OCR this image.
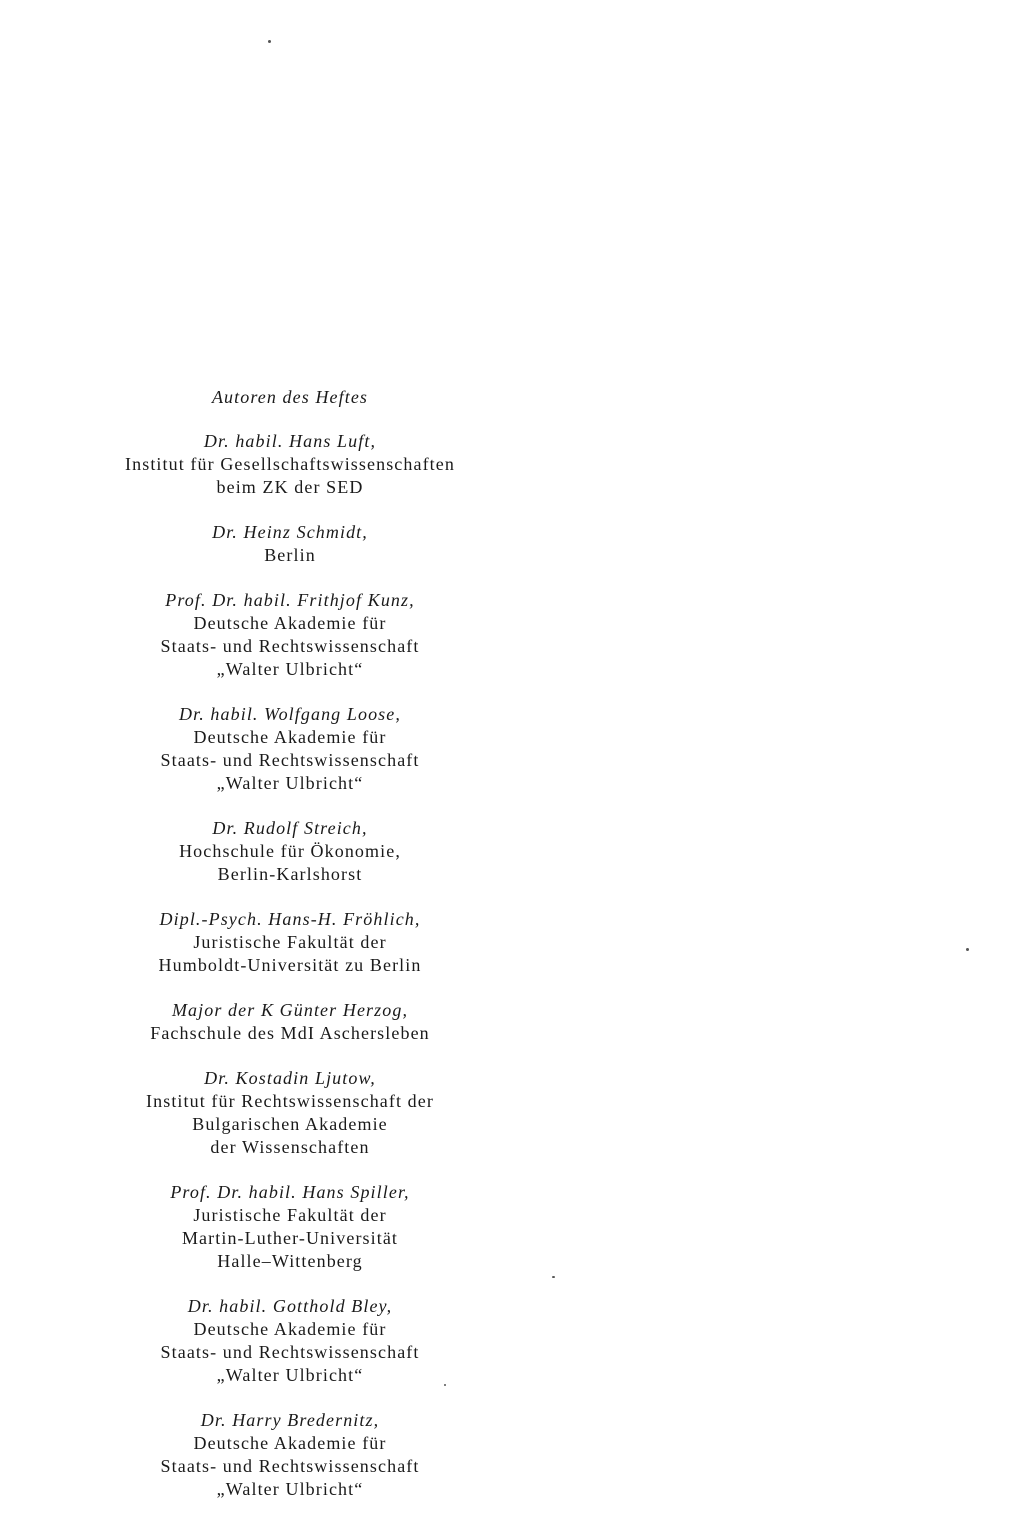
Autoren des Heftes
Dr. habil. Hans Luft,
Institut für Gesellschaftswissenschaften
beim ZK der SED
Dr. Heinz Schmidt,
Berlin
Prof. Dr. habil. Frithjof Kunz,
Deutsche Akademie für
Staats- und Rechtswissenschaft
„Walter Ulbricht“
Dr. habil. Wolfgang Loose,
Deutsche Akademie für
Staats- und Rechtswissenschaft
„Walter Ulbricht“
Dr. Rudolf Streich,
Hochschule für Ökonomie,
Berlin-Karlshorst
Dipl.-Psych. Hans-H. Fröhlich,
Juristische Fakultät der
Humboldt-Universität zu Berlin
Major der K Günter Herzog,
Fachschule des MdI Aschersleben
Dr. Kostadin Ljutow,
Institut für Rechtswissenschaft der
Bulgarischen Akademie
der Wissenschaften
Prof. Dr. habil. Hans Spiller,
Juristische Fakultät der
Martin-Luther-Universität
Halle–Wittenberg
Dr. habil. Gotthold Bley,
Deutsche Akademie für
Staats- und Rechtswissenschaft
„Walter Ulbricht“
Dr. Harry Bredernitz,
Deutsche Akademie für
Staats- und Rechtswissenschaft
„Walter Ulbricht“
